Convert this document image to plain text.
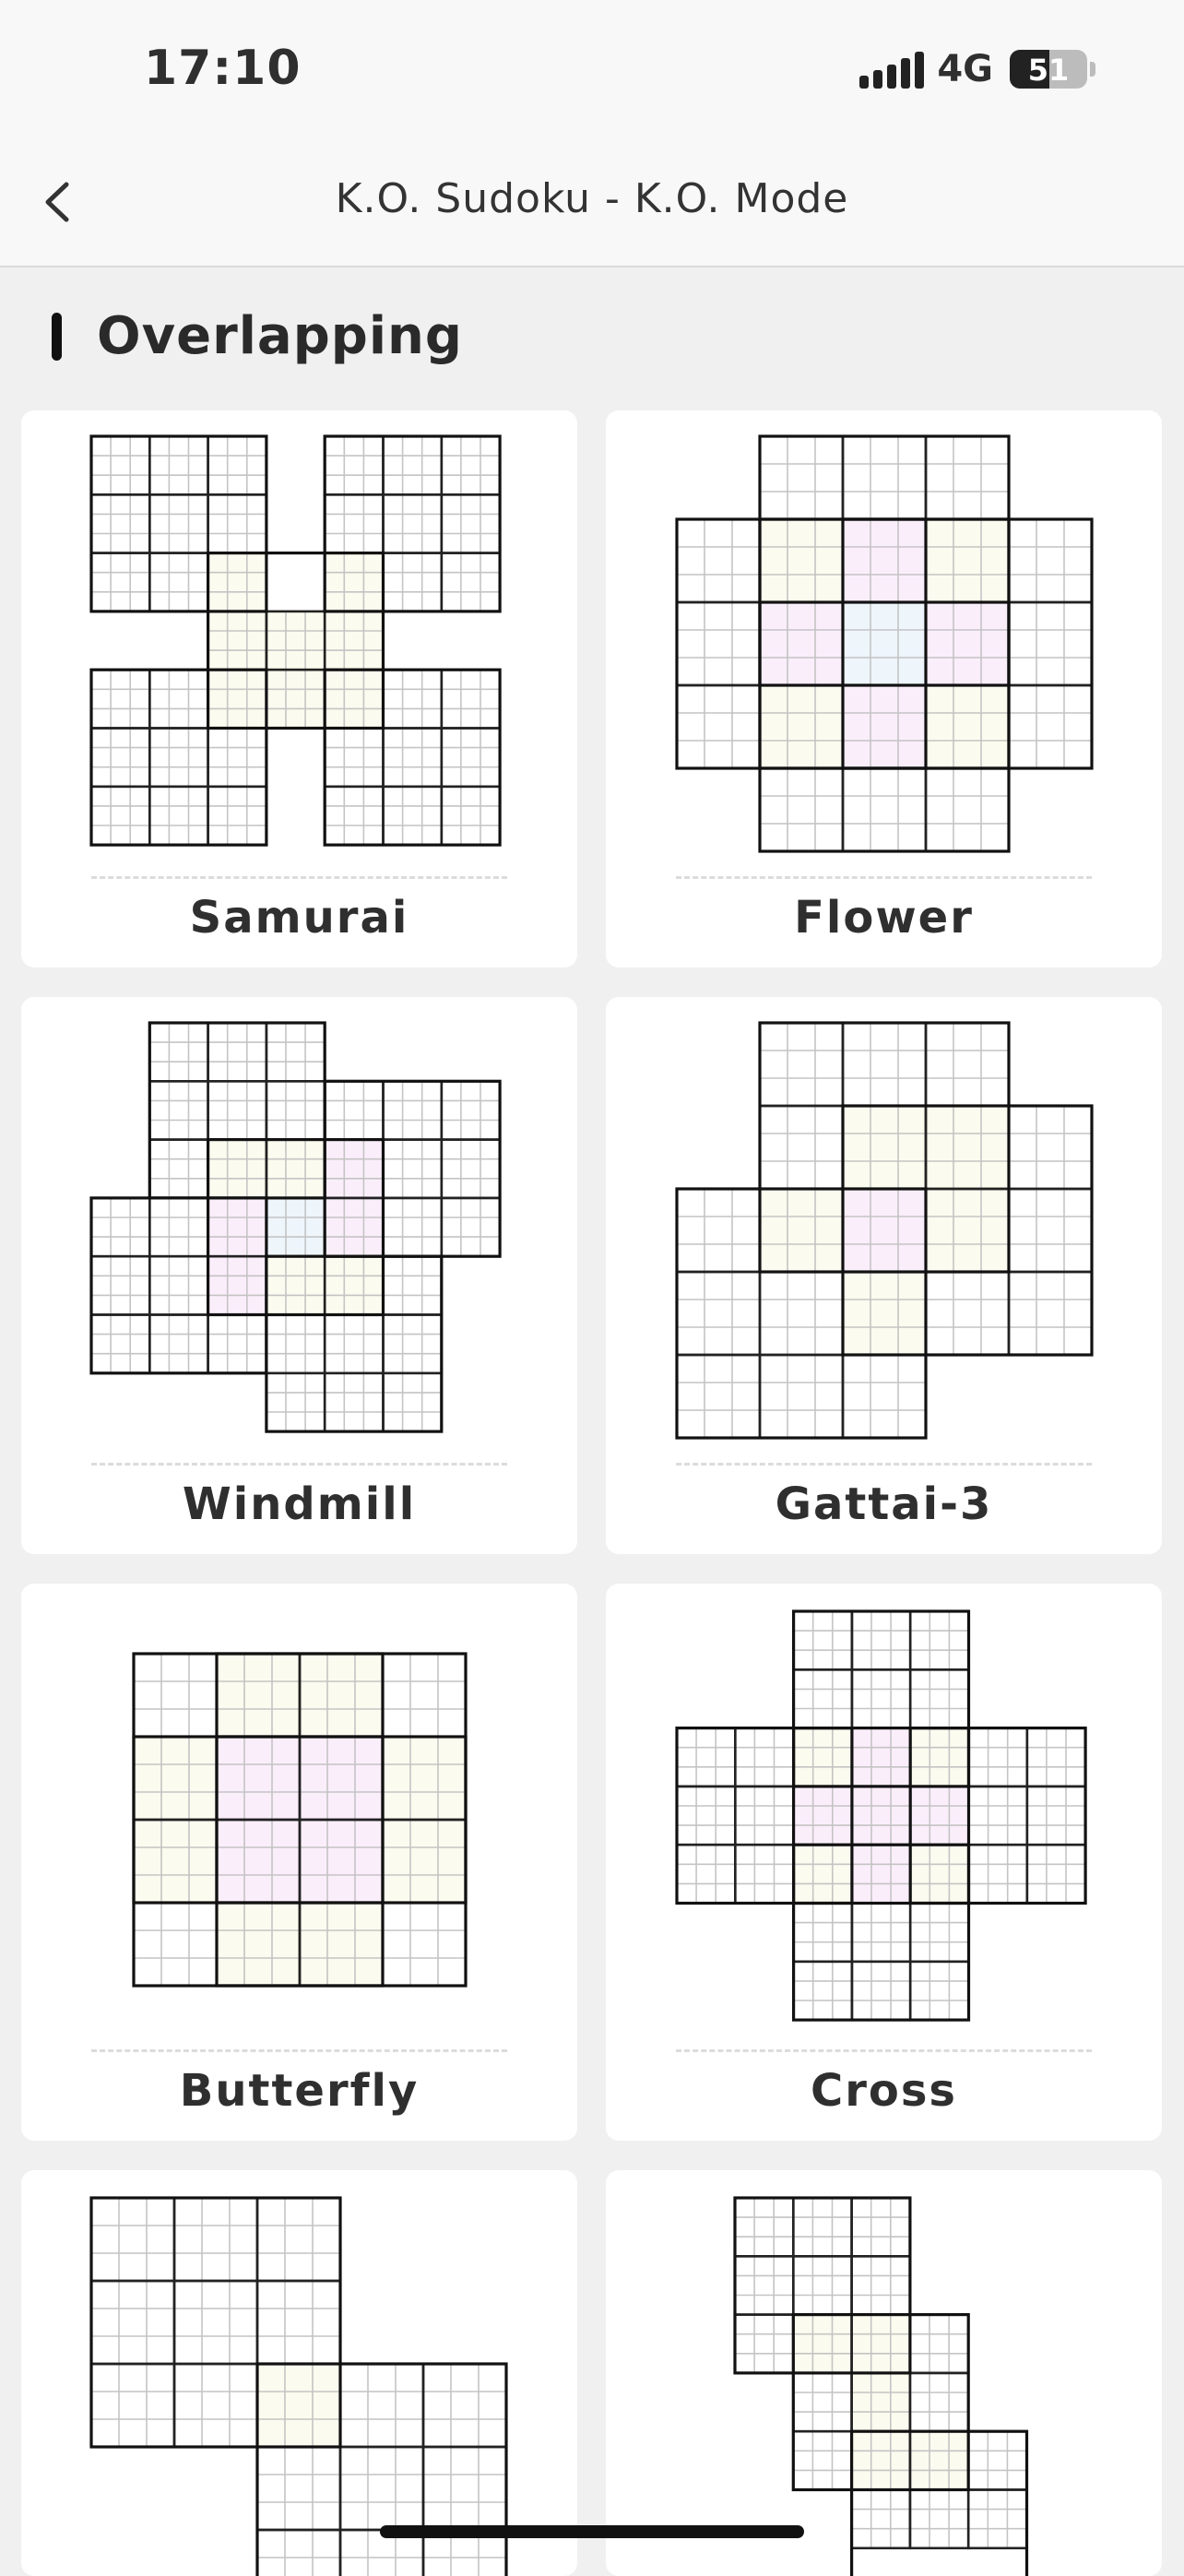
17:10	4G	51
K.O. Sudoku - K.O. Mode
Overlapping
Samurai	Flower
Windmill	Gattai-3
Butterfly	Cross
